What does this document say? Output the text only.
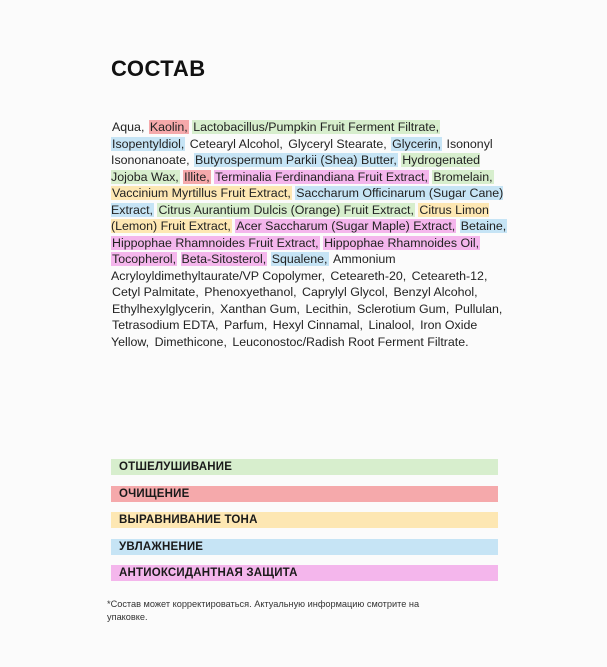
СОСТАВ
Aqua, Kaolin, Lactobacillus/Pumpkin Fruit Ferment Filtrate, Isopentyldiol, Cetearyl Alcohol, Glyceryl Stearate, Glycerin, Isononyl Isononanoate, Butyrospermum Parkii (Shea) Butter, Hydrogenated Jojoba Wax, Illite, Terminalia Ferdinandiana Fruit Extract, Bromelain, Vaccinium Myrtillus Fruit Extract, Saccharum Officinarum (Sugar Cane) Extract, Citrus Aurantium Dulcis (Orange) Fruit Extract, Citrus Limon (Lemon) Fruit Extract, Acer Saccharum (Sugar Maple) Extract, Betaine, Hippophae Rhamnoides Fruit Extract, Hippophae Rhamnoides Oil, Tocopherol, Beta-Sitosterol, Squalene, Ammonium Acryloyldimethyltaurate/VP Copolymer, Ceteareth-20, Ceteareth-12, Cetyl Palmitate, Phenoxyethanol, Caprylyl Glycol, Benzyl Alcohol, Ethylhexylglycerin, Xanthan Gum, Lecithin, Sclerotium Gum, Pullulan, Tetrasodium EDTA, Parfum, Hexyl Cinnamal, Linalool, Iron Oxide Yellow, Dimethicone, Leuconostoc/Radish Root Ferment Filtrate.
ОТШЕЛУШИВАНИЕ
ОЧИЩЕНИЕ
ВЫРАВНИВАНИЕ ТОНА
УВЛАЖНЕНИЕ
АНТИОКСИДАНТНАЯ ЗАЩИТА
*Состав может корректироваться. Актуальную информацию смотрите на упаковке.
